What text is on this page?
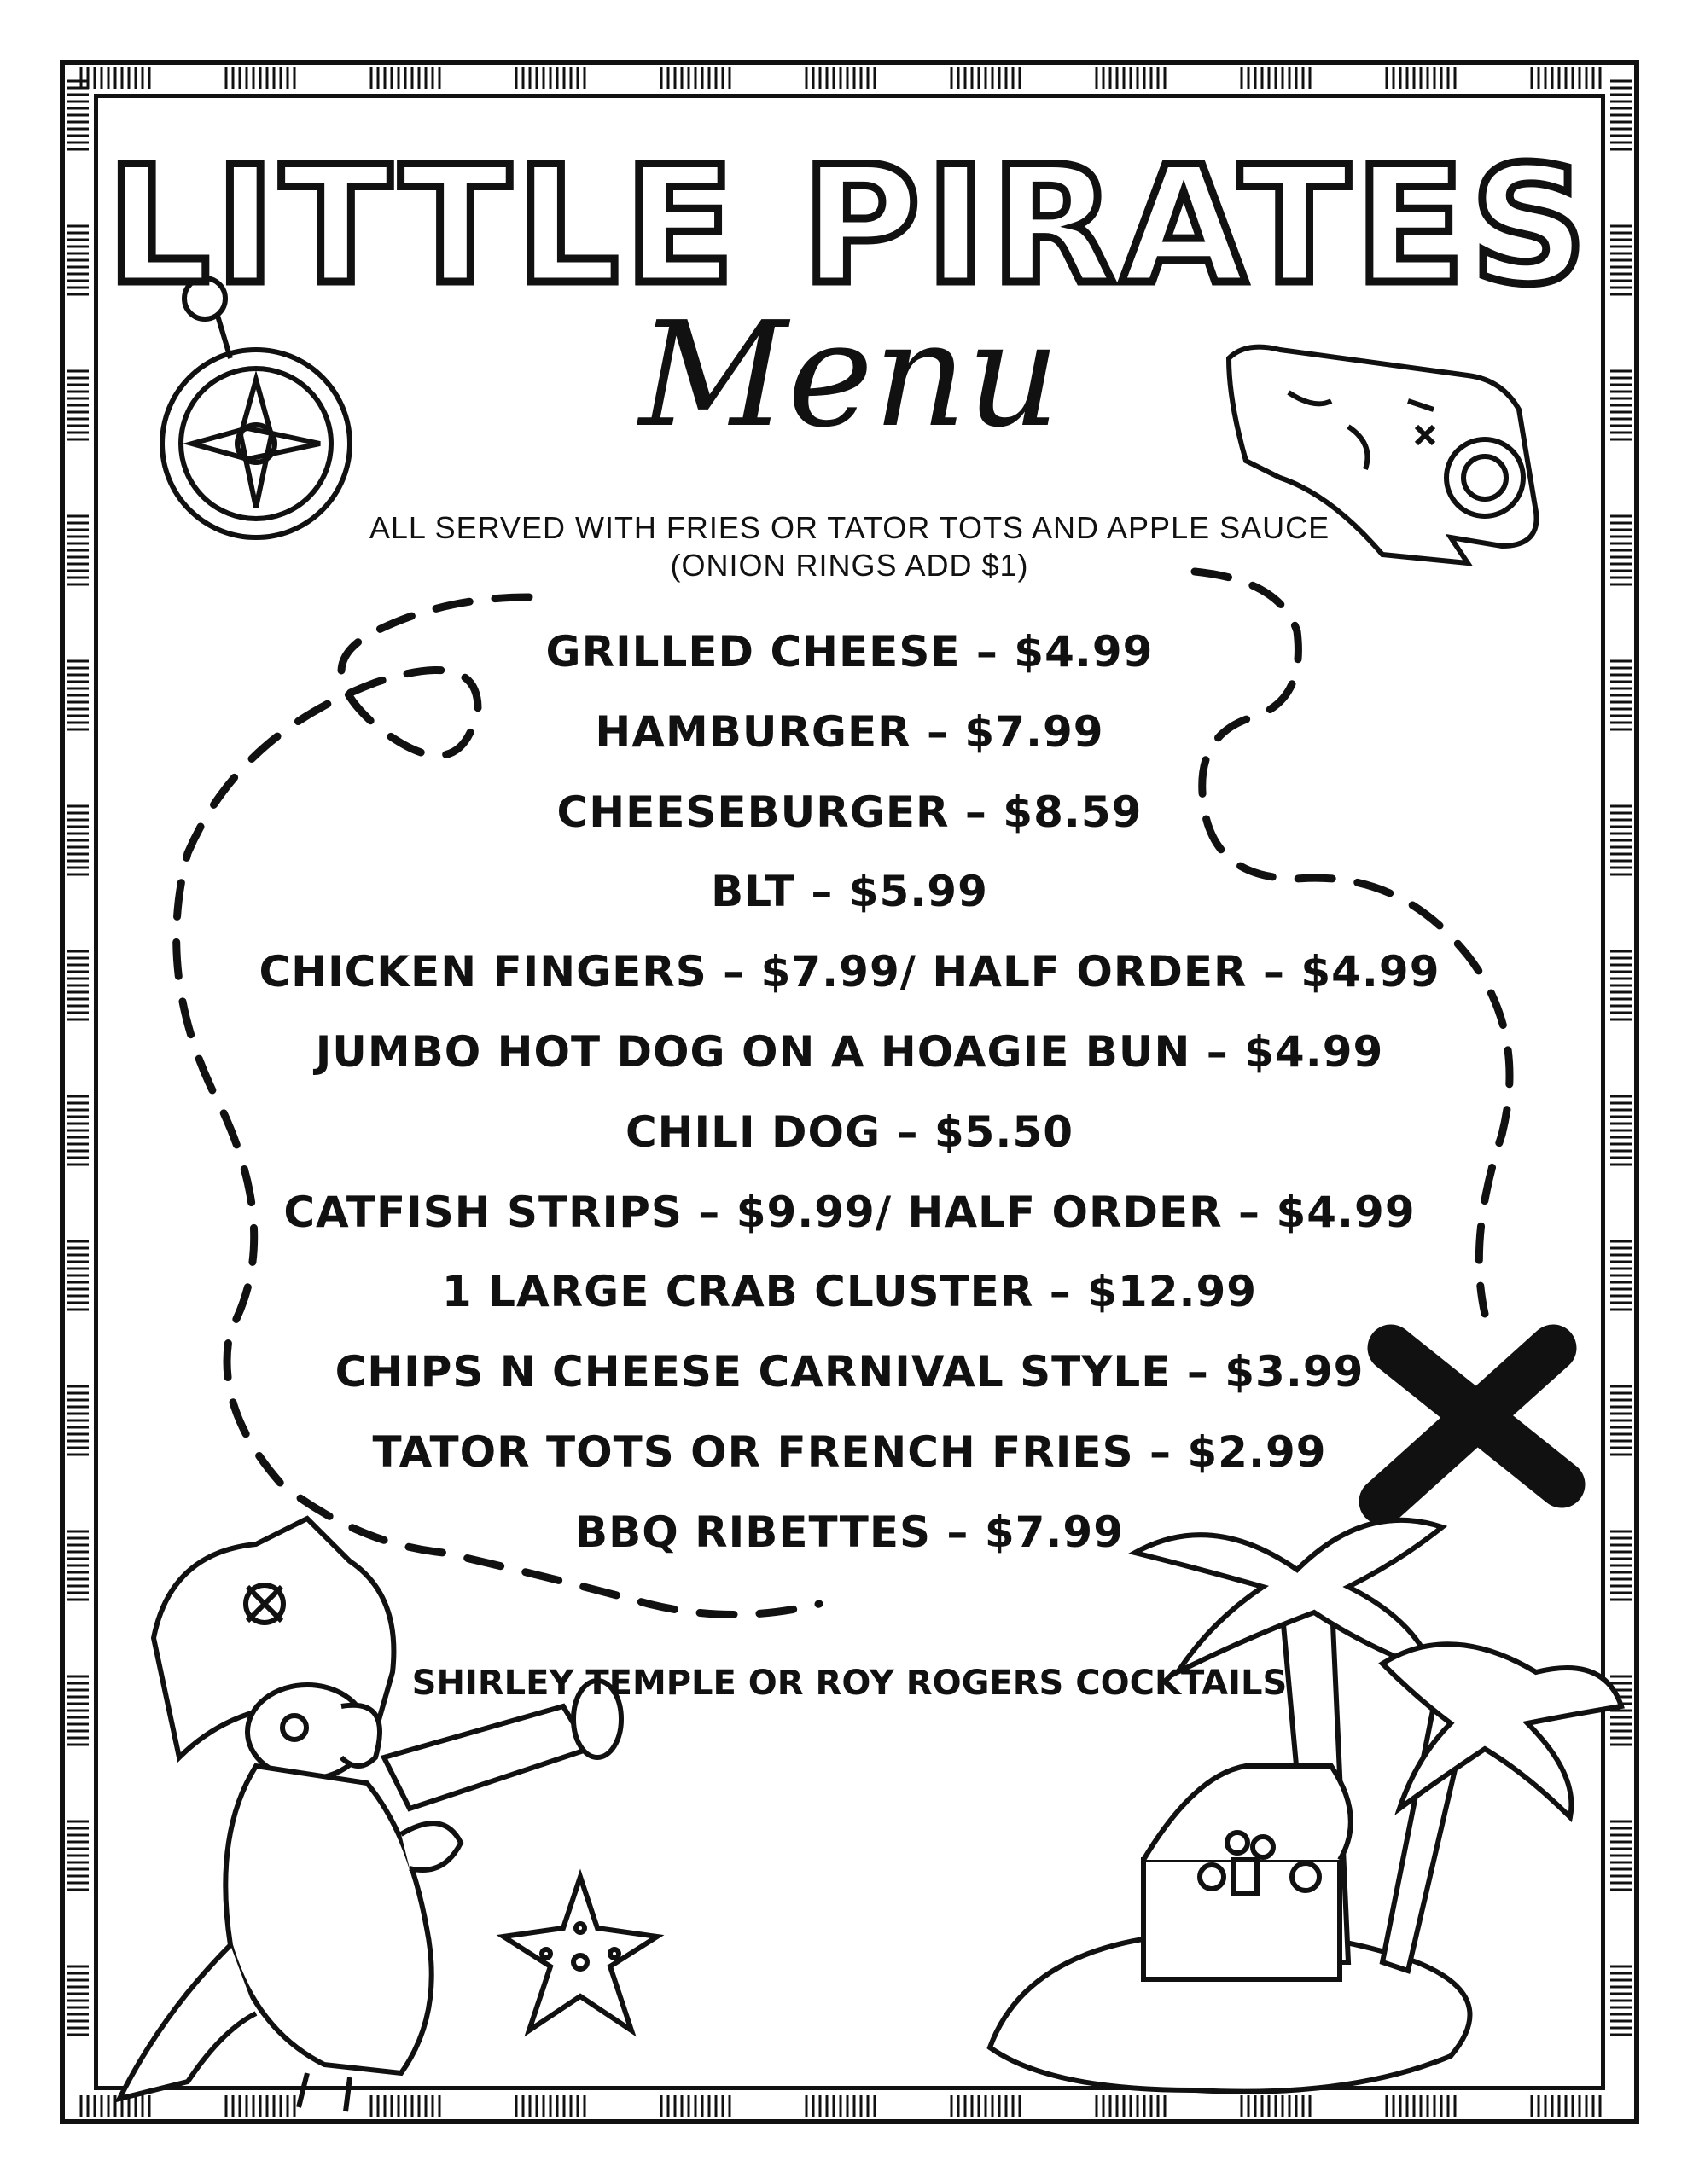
LITTLE PIRATES
Menu
ALL SERVED WITH FRIES OR TATOR TOTS AND APPLE SAUCE
(ONION RINGS ADD $1)
GRILLED CHEESE – $4.99
HAMBURGER – $7.99
CHEESEBURGER – $8.59
BLT – $5.99
CHICKEN FINGERS – $7.99/ HALF ORDER – $4.99
JUMBO HOT DOG ON A HOAGIE BUN – $4.99
CHILI DOG – $5.50
CATFISH STRIPS – $9.99/ HALF ORDER – $4.99
1 LARGE CRAB CLUSTER – $12.99
CHIPS N CHEESE CARNIVAL STYLE – $3.99
TATOR TOTS OR FRENCH FRIES – $2.99
BBQ RIBETTES – $7.99
SHIRLEY TEMPLE OR ROY ROGERS COCKTAILS
